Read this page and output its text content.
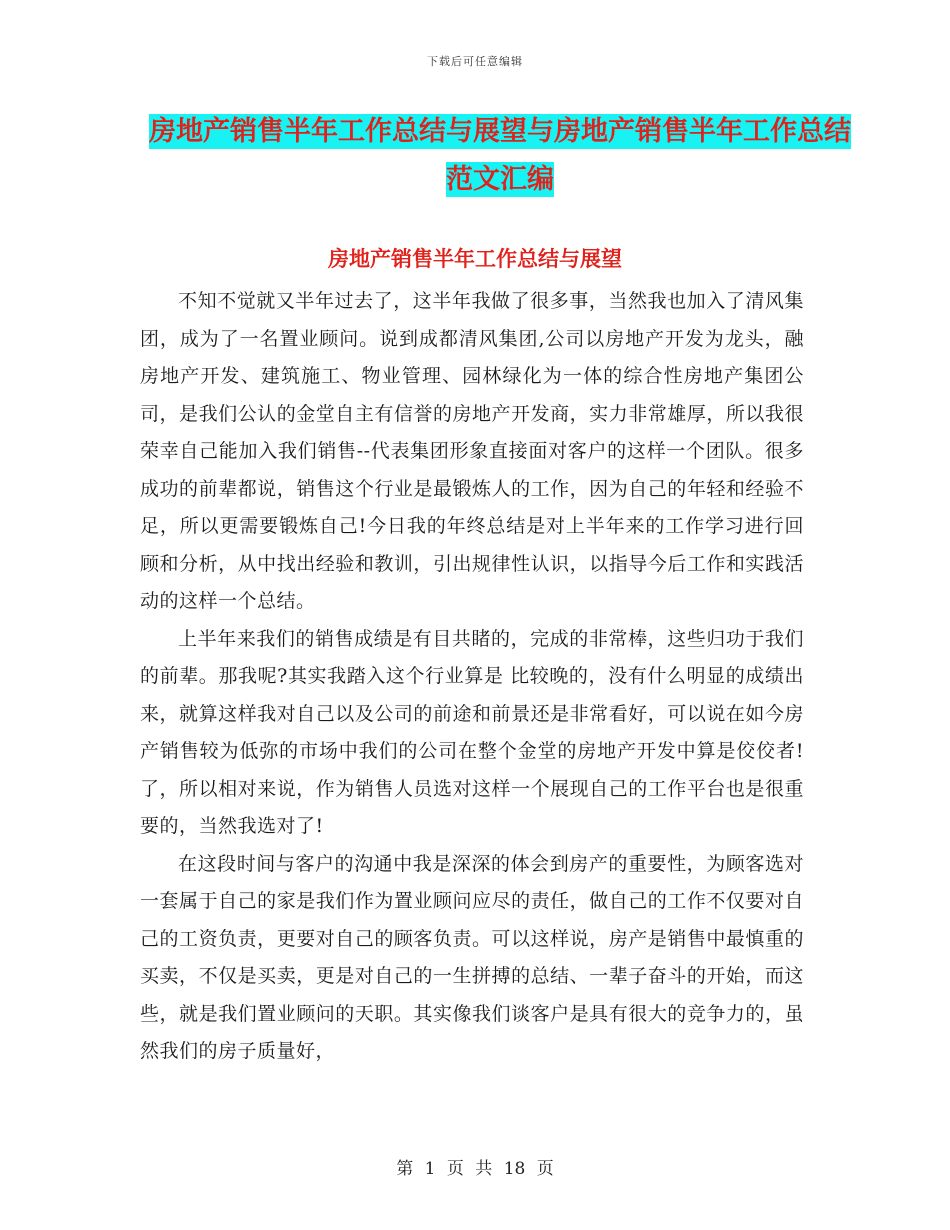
下载后可任意编辑
房地产销售半年工作总结与展望与房地产销售半年工作总结范文汇编
房地产销售半年工作总结与展望

不知不觉就又半年过去了，这半年我做了很多事，当然我也加入了清风集团，成为了一名置业顾问。说到成都清风集团,公司以房地产开发为龙头，融房地产开发、建筑施工、物业管理、园林绿化为一体的综合性房地产集团公司，是我们公认的金堂自主有信誉的房地产开发商，实力非常雄厚，所以我很荣幸自己能加入我们销售--代表集团形象直接面对客户的这样一个团队。很多成功的前辈都说，销售这个行业是最锻炼人的工作，因为自己的年轻和经验不足，所以更需要锻炼自己!今日我的年终总结是对上半年来的工作学习进行回顾和分析，从中找出经验和教训，引出规律性认识，以指导今后工作和实践活动的这样一个总结。

上半年来我们的销售成绩是有目共睹的，完成的非常棒，这些归功于我们的前辈。那我呢?其实我踏入这个行业算是 比较晚的，没有什么明显的成绩出来，就算这样我对自己以及公司的前途和前景还是非常看好，可以说在如今房产销售较为低弥的市场中我们的公司在整个金堂的房地产开发中算是佼佼者!了，所以相对来说，作为销售人员选对这样一个展现自己的工作平台也是很重要的，当然我选对了!

在这段时间与客户的沟通中我是深深的体会到房产的重要性，为顾客选对一套属于自己的家是我们作为置业顾问应尽的责任，做自己的工作不仅要对自己的工资负责，更要对自己的顾客负责。可以这样说，房产是销售中最慎重的买卖，不仅是买卖，更是对自己的一生拼搏的总结、一辈子奋斗的开始，而这些，就是我们置业顾问的天职。其实像我们谈客户是具有很大的竞争力的，虽然我们的房子质量好，

第 1 页 共 18 页
